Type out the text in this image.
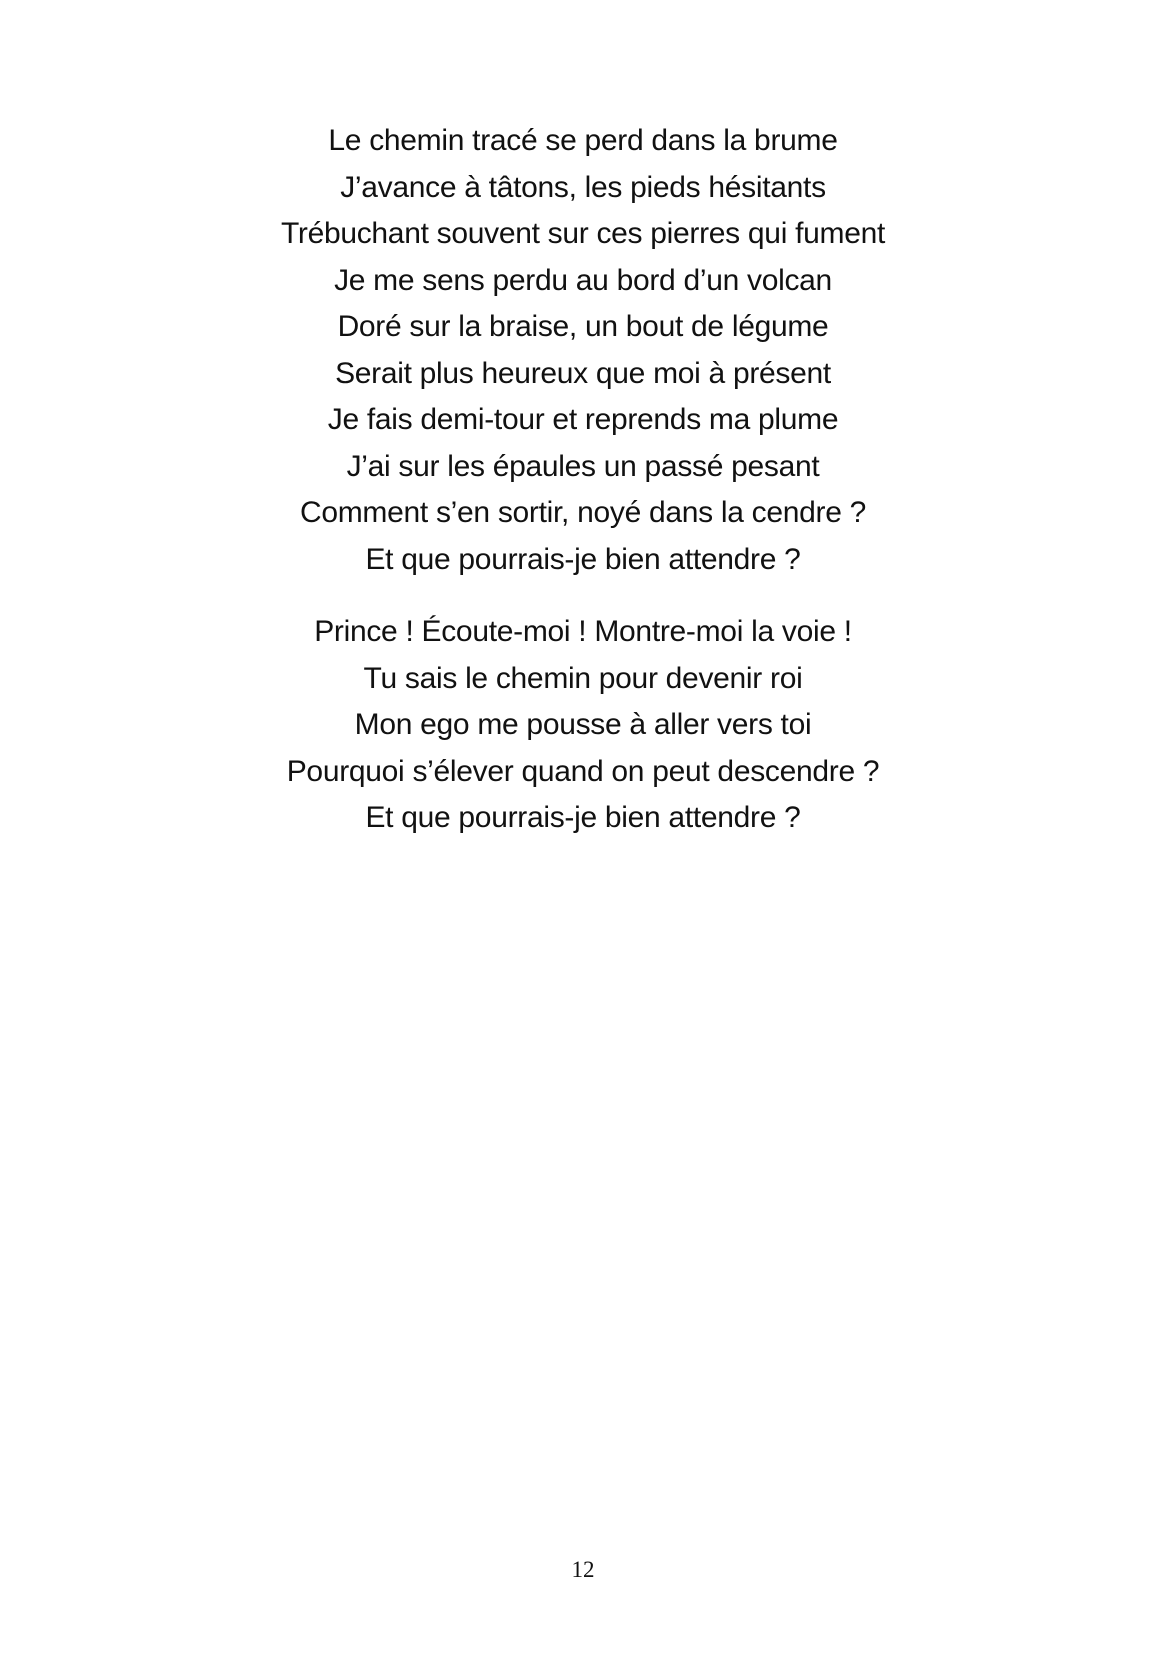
Le chemin tracé se perd dans la brume
J’avance à tâtons, les pieds hésitants
Trébuchant souvent sur ces pierres qui fument
Je me sens perdu au bord d’un volcan
Doré sur la braise, un bout de légume
Serait plus heureux que moi à présent
Je fais demi-tour et reprends ma plume
J’ai sur les épaules un passé pesant
Comment s’en sortir, noyé dans la cendre ?
Et que pourrais-je bien attendre ?
Prince ! Écoute-moi ! Montre-moi la voie !
Tu sais le chemin pour devenir roi
Mon ego me pousse à aller vers toi
Pourquoi s’élever quand on peut descendre ?
Et que pourrais-je bien attendre ?
12
